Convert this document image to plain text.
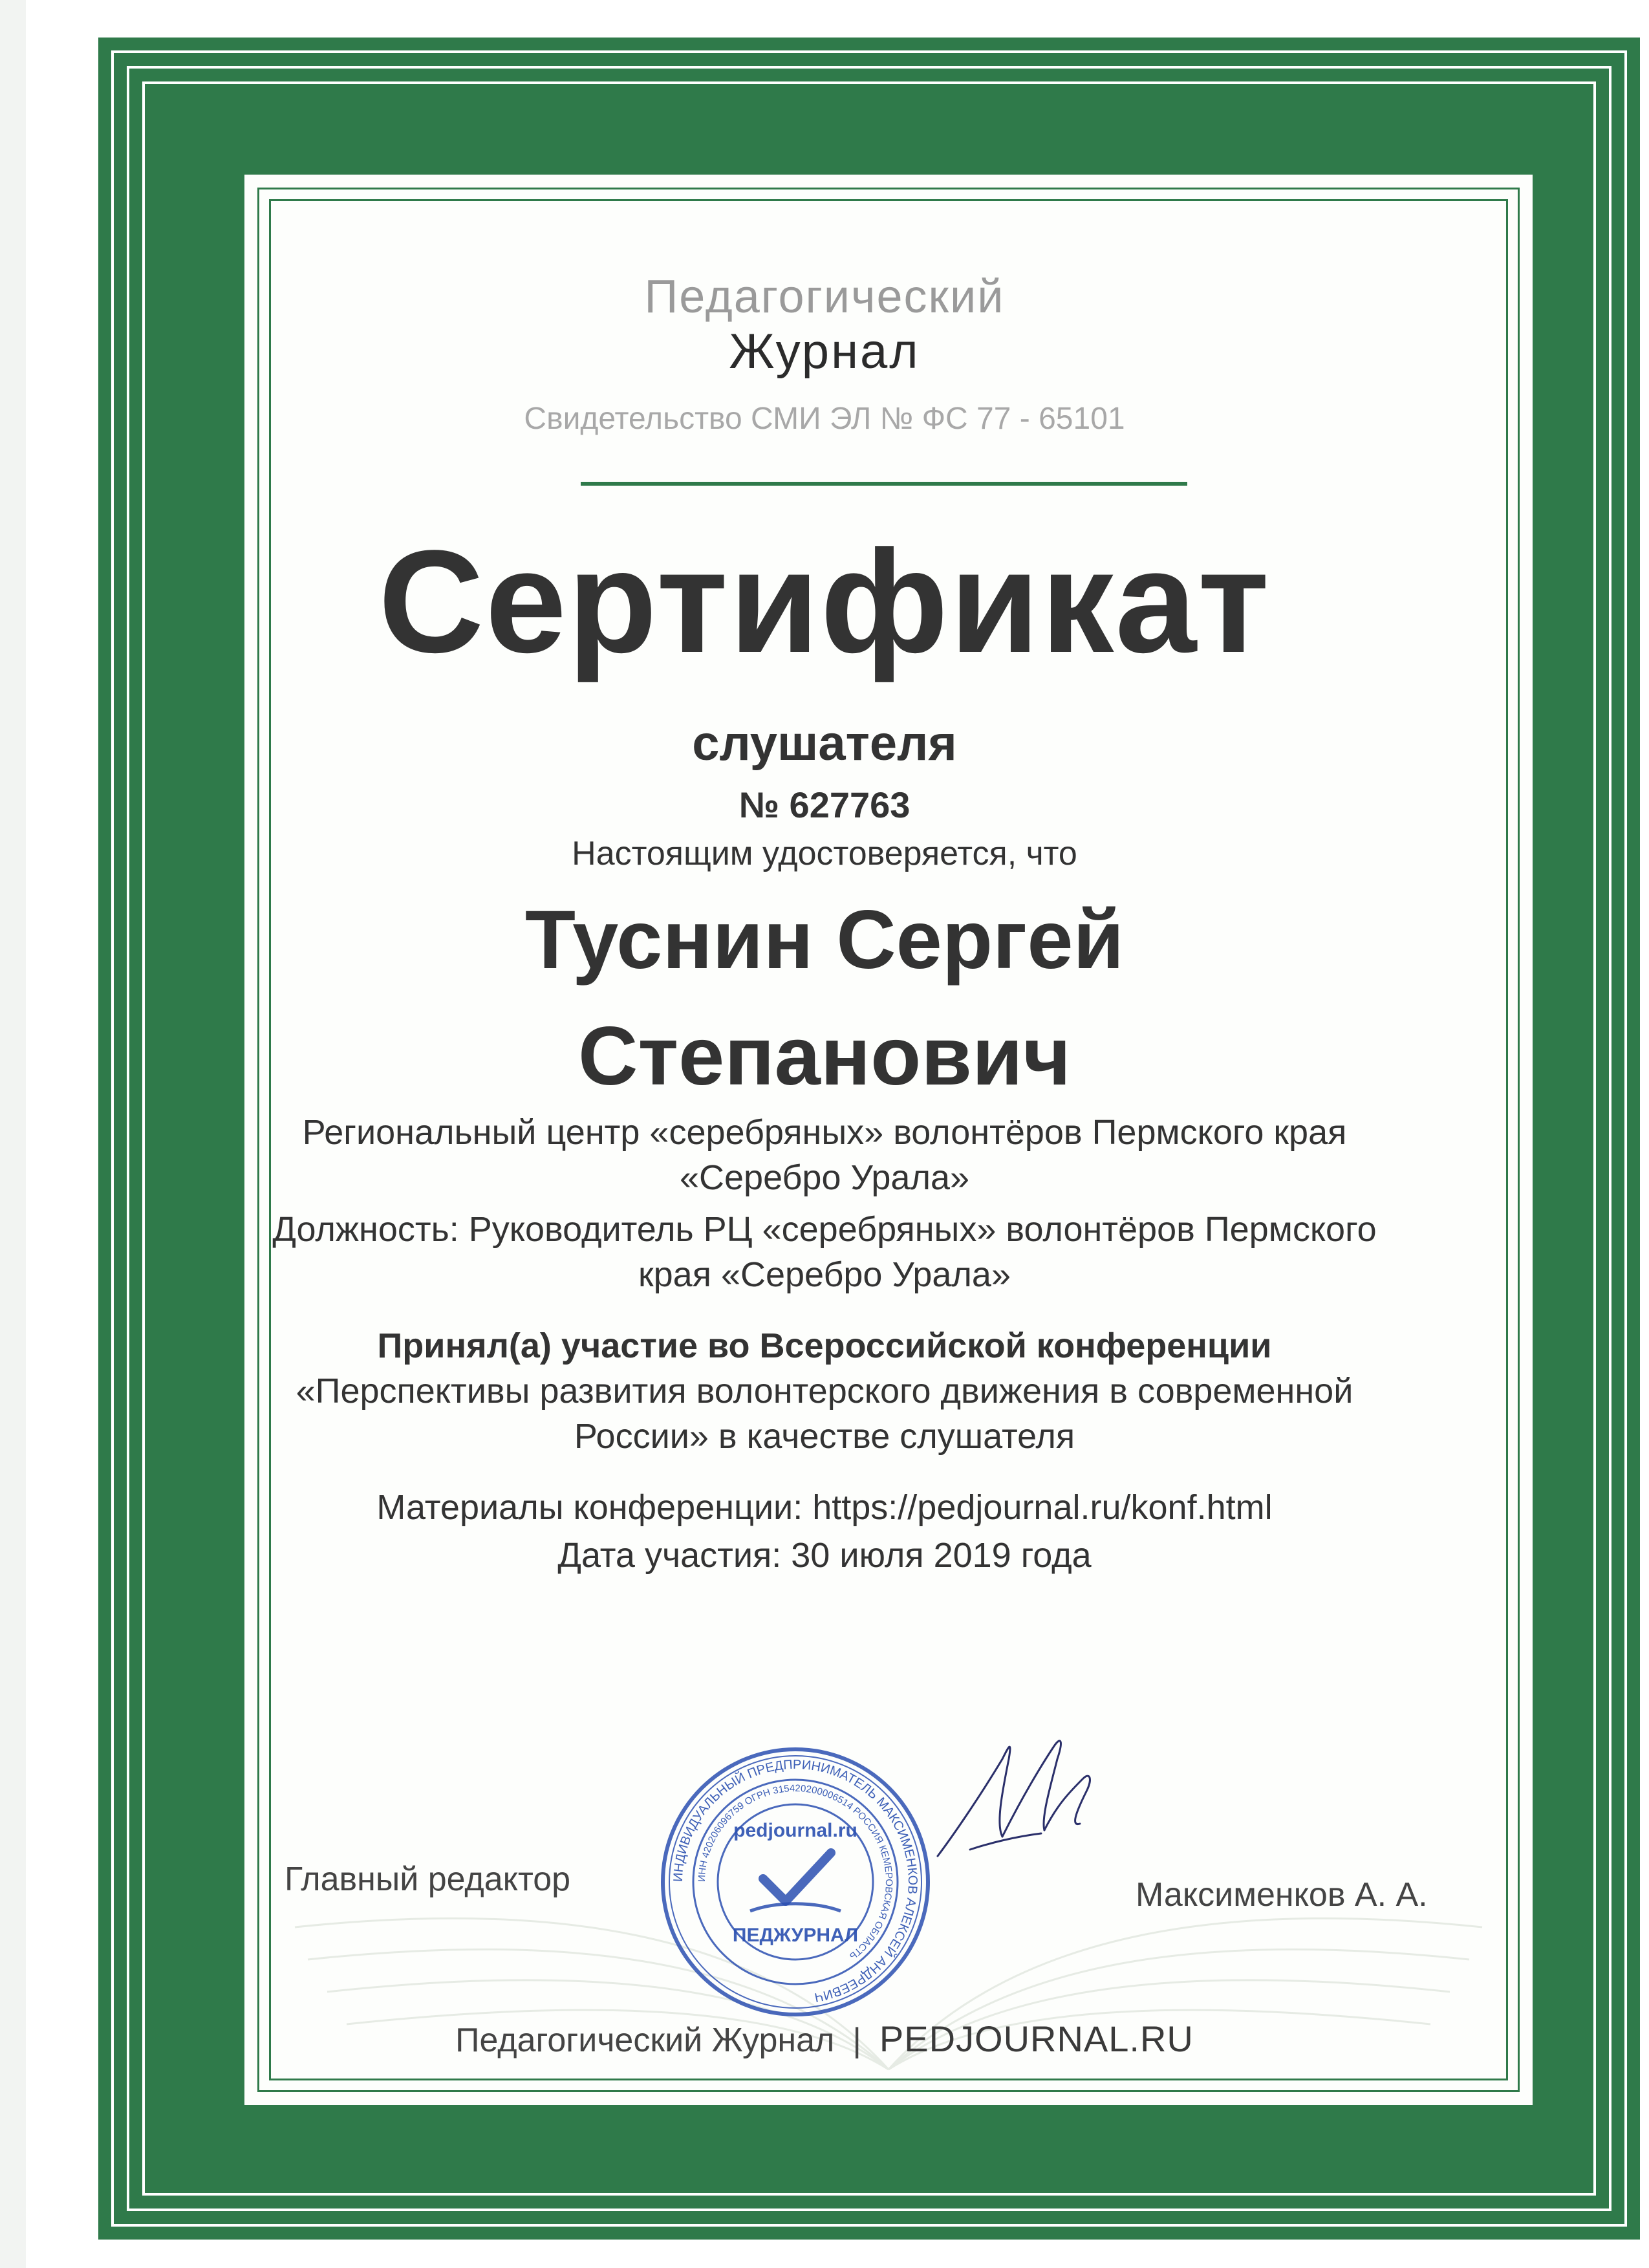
Педагогический
Журнал
Свидетельство СМИ ЭЛ № ФС 77 - 65101
Сертификат
слушателя
№ 627763
Настоящим удостоверяется, что
Туснин Сергей
Степанович
Региональный центр «серебряных» волонтёров Пермского края
«Серебро Урала»
Должность: Руководитель РЦ «серебряных» волонтёров Пермского
края «Серебро Урала»
Принял(а) участие во Всероссийской конференции
«Перспективы развития волонтерского движения в современной
России» в качестве слушателя
Материалы конференции: https://pedjournal.ru/konf.html
Дата участия: 30 июля 2019 года
Главный редактор	Максименков А. А.
ИНДИВИДУАЛЬНЫЙ ПРЕДПРИНИМАТЕЛЬ МАКСИМЕНКОВ АЛЕКСЕЙ АНДРЕЕВИЧ
ИНН 420206096759 ОГРН 315420200006514 РОССИЯ КЕМЕРОВСКАЯ ОБЛАСТЬ
pedjournal.ru
ПЕДЖУРНАЛ
Педагогический Журнал | PEDJOURNAL.RU
